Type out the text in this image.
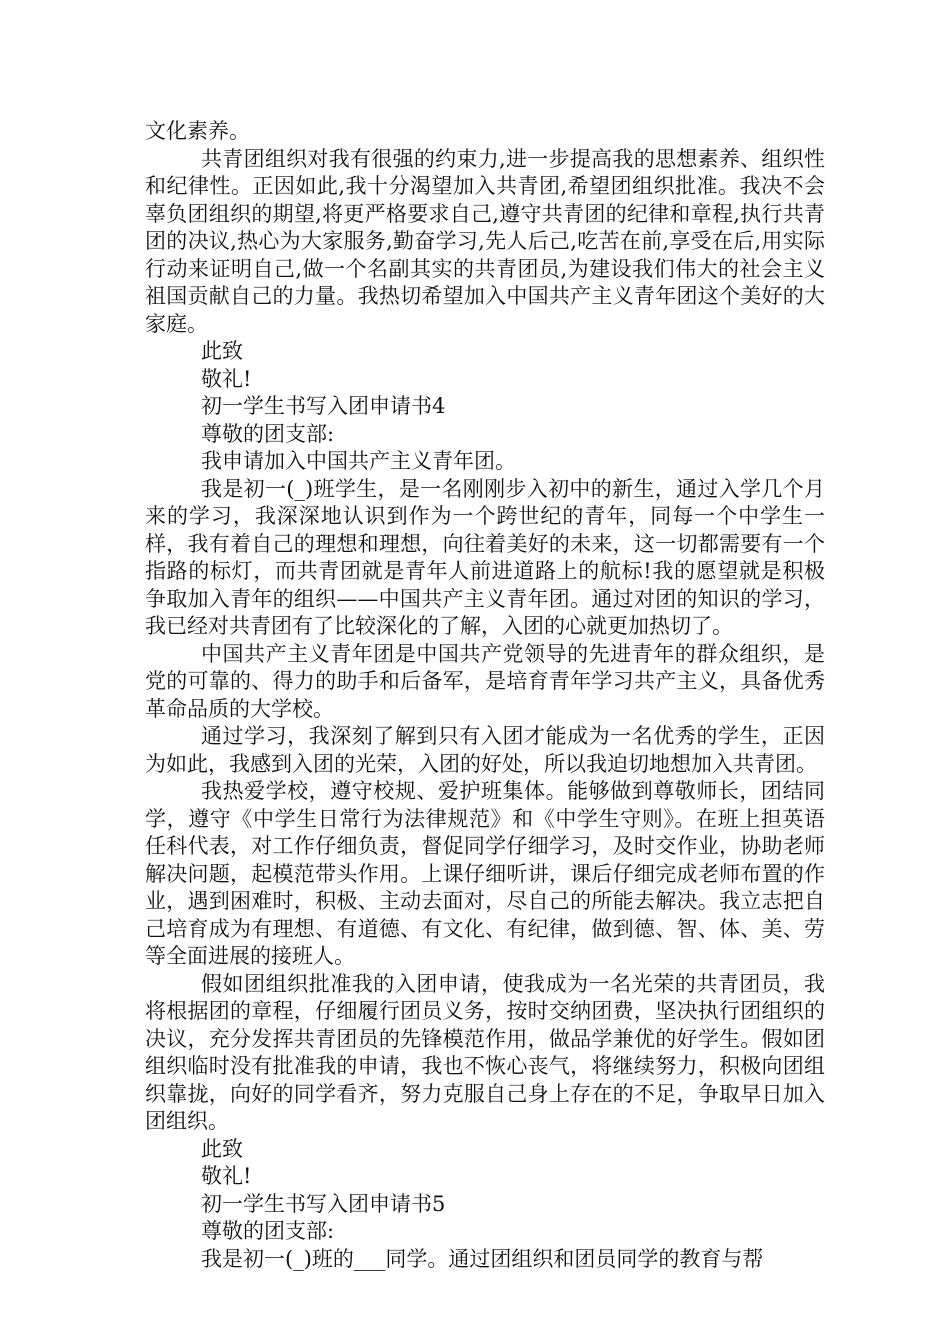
文化素养。

共青团组织对我有很强的约束力,进一步提高我的思想素养、组织性和纪律性。正因如此,我十分渴望加入共青团,希望团组织批准。我决不会辜负团组织的期望,将更严格要求自己,遵守共青团的纪律和章程,执行共青团的决议,热心为大家服务,勤奋学习,先人后己,吃苦在前,享受在后,用实际行动来证明自己,做一个名副其实的共青团员,为建设我们伟大的社会主义祖国贡献自己的力量。我热切希望加入中国共产主义青年团这个美好的大家庭。

此致

敬礼!

初一学生书写入团申请书4

尊敬的团支部:

我申请加入中国共产主义青年团。

我是初一(_)班学生，是一名刚刚步入初中的新生，通过入学几个月来的学习，我深深地认识到作为一个跨世纪的青年，同每一个中学生一样，我有着自己的理想和理想，向往着美好的未来，这一切都需要有一个指路的标灯，而共青团就是青年人前进道路上的航标!我的愿望就是积极争取加入青年的组织——中国共产主义青年团。通过对团的知识的学习，我已经对共青团有了比较深化的了解，入团的心就更加热切了。

中国共产主义青年团是中国共产党领导的先进青年的群众组织，是党的可靠的、得力的助手和后备军，是培育青年学习共产主义，具备优秀革命品质的大学校。

通过学习，我深刻了解到只有入团才能成为一名优秀的学生，正因为如此，我感到入团的光荣，入团的好处，所以我迫切地想加入共青团。

我热爱学校，遵守校规、爱护班集体。能够做到尊敬师长，团结同学，遵守《中学生日常行为法律规范》和《中学生守则》。在班上担英语任科代表，对工作仔细负责，督促同学仔细学习，及时交作业，协助老师解决问题，起模范带头作用。上课仔细听讲，课后仔细完成老师布置的作业，遇到困难时，积极、主动去面对，尽自己的所能去解决。我立志把自己培育成为有理想、有道德、有文化、有纪律，做到德、智、体、美、劳等全面进展的接班人。

假如团组织批准我的入团申请，使我成为一名光荣的共青团员，我将根据团的章程，仔细履行团员义务，按时交纳团费，坚决执行团组织的决议，充分发挥共青团员的先锋模范作用，做品学兼优的好学生。假如团组织临时没有批准我的申请，我也不恢心丧气，将继续努力，积极向团组织靠拢，向好的同学看齐，努力克服自己身上存在的不足，争取早日加入团组织。

此致

敬礼!

初一学生书写入团申请书5

尊敬的团支部:

我是初一(_)班的___同学。通过团组织和团员同学的教育与帮
